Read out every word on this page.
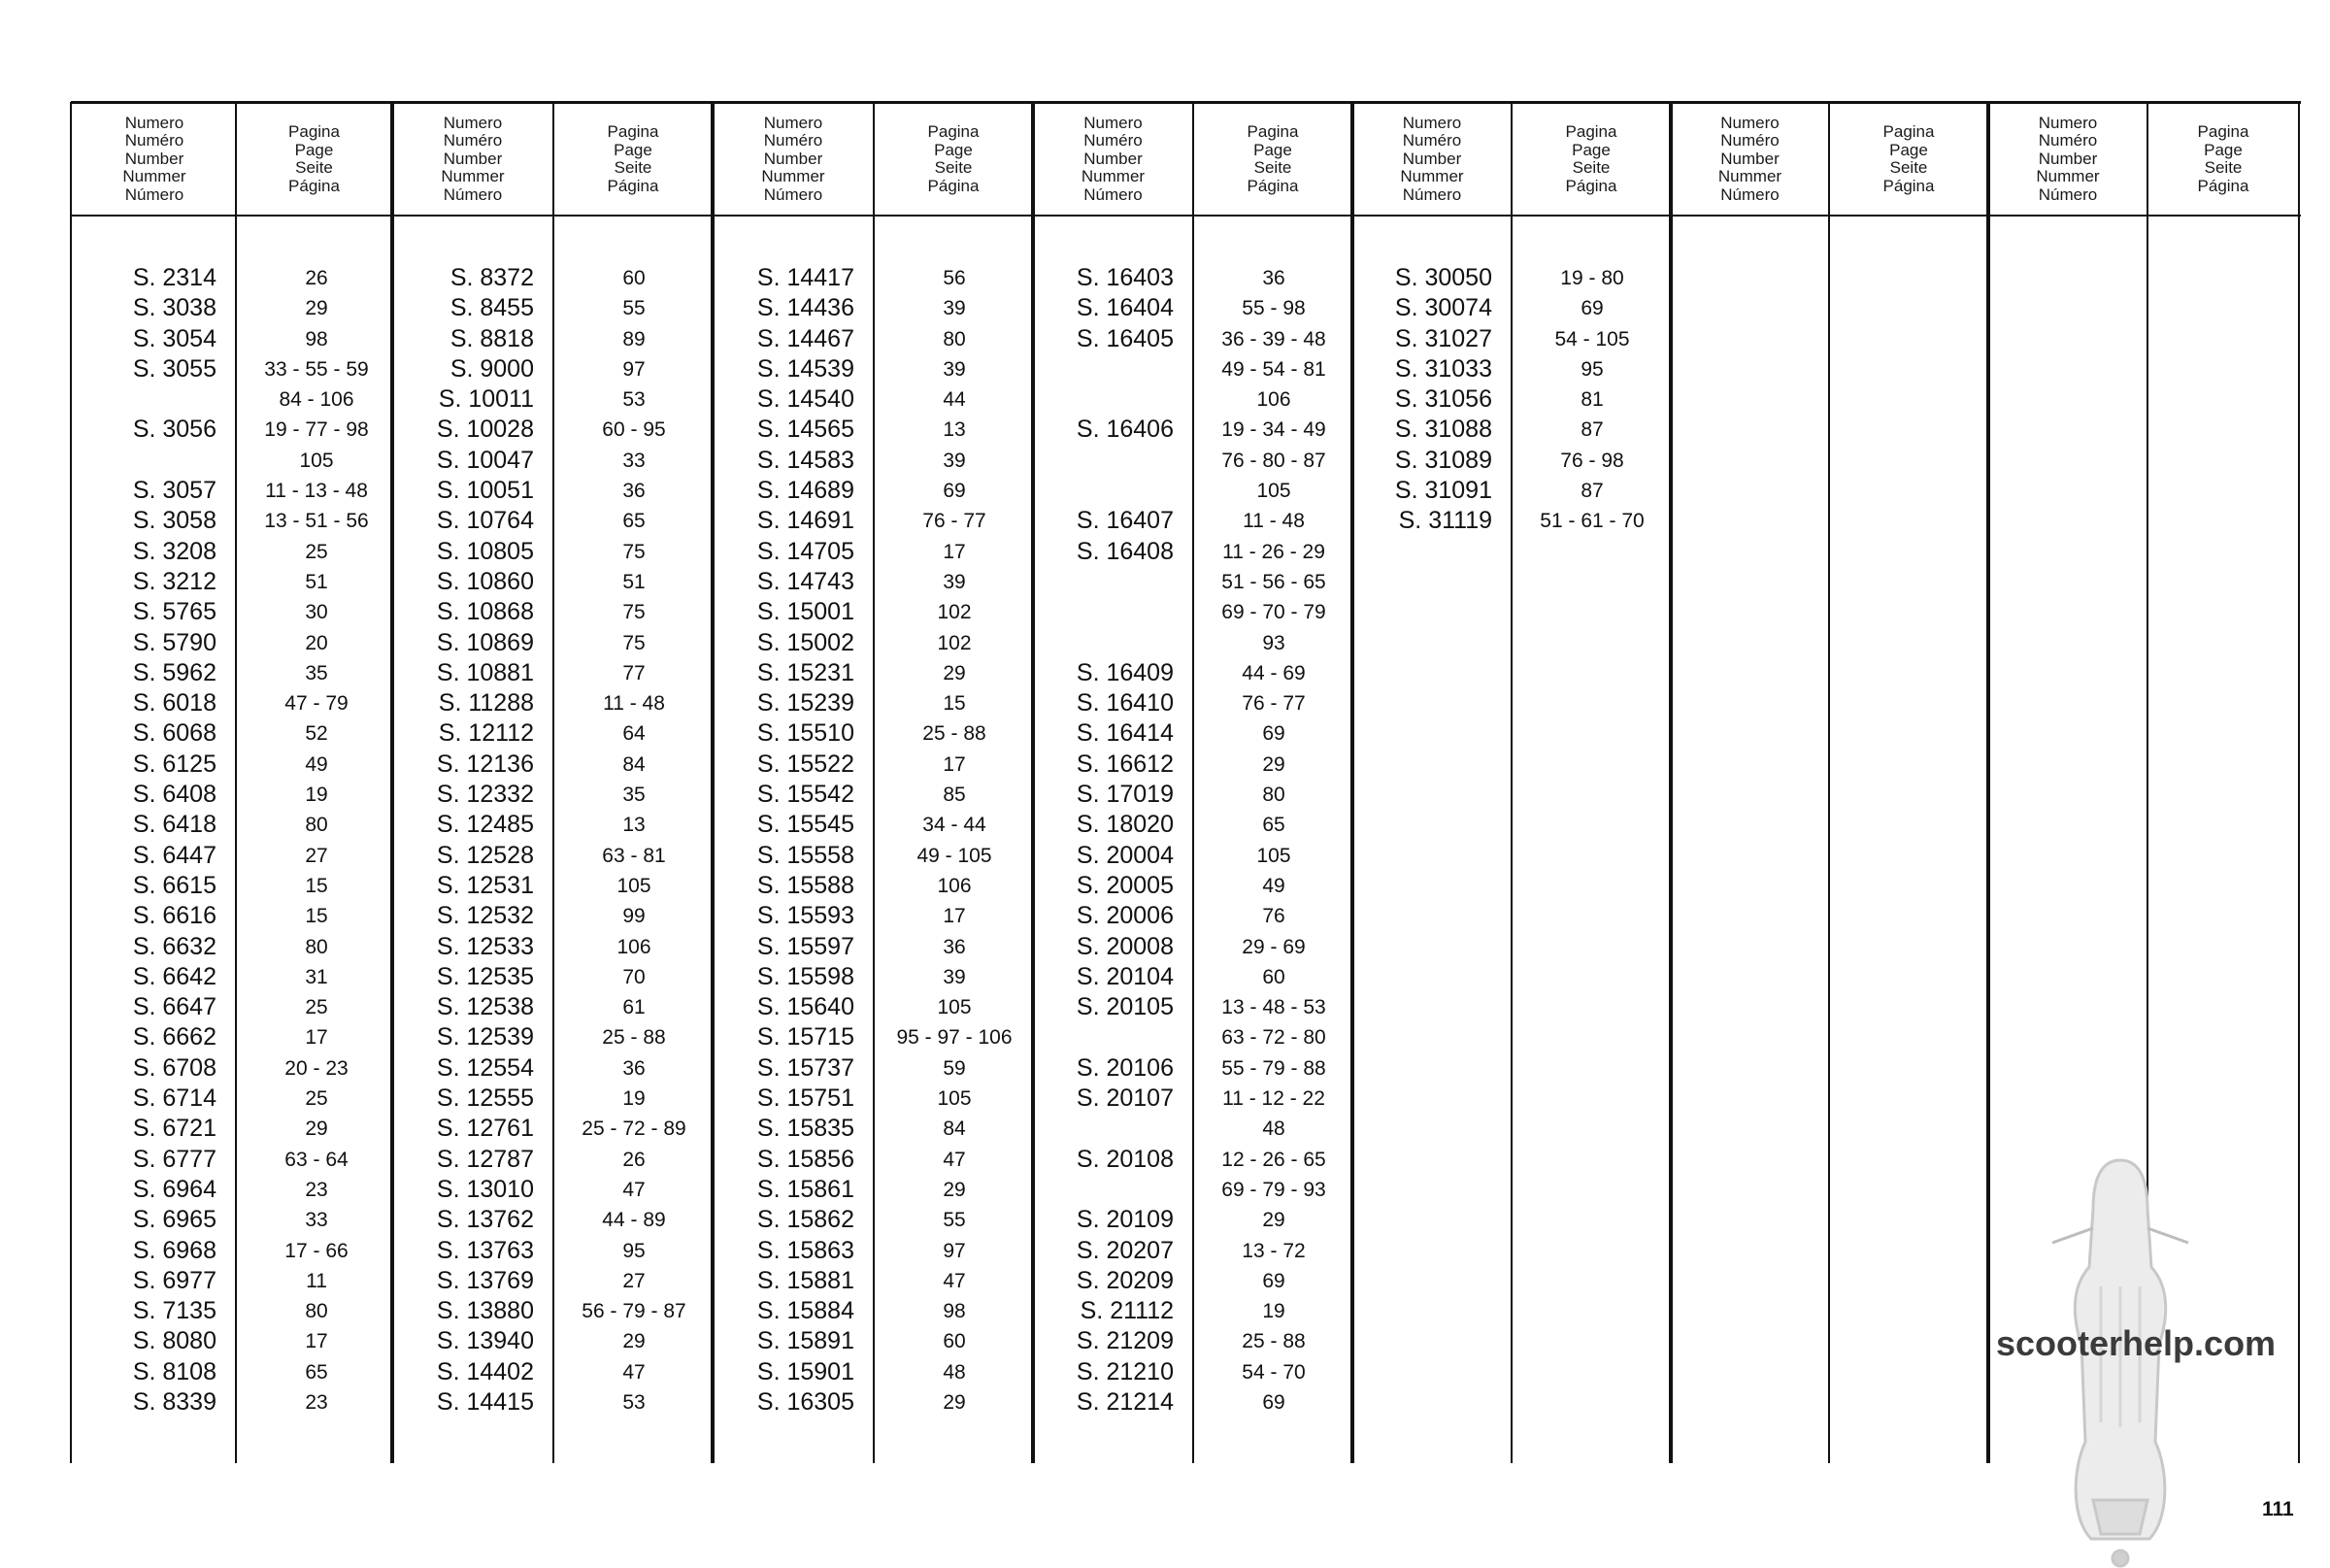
Numero
Numéro
Number
Nummer
Número
Pagina
Page
Seite
Página
S. 2314
S. 3038
S. 3054
S. 3055
S. 3056
S. 3057
S. 3058
S. 3208
S. 3212
S. 5765
S. 5790
S. 5962
S. 6018
S. 6068
S. 6125
S. 6408
S. 6418
S. 6447
S. 6615
S. 6616
S. 6632
S. 6642
S. 6647
S. 6662
S. 6708
S. 6714
S. 6721
S. 6777
S. 6964
S. 6965
S. 6968
S. 6977
S. 7135
S. 8080
S. 8108
S. 8339
26
29
98
33 - 55 - 59
84 - 106
19 - 77 - 98
105
11 - 13 - 48
13 - 51 - 56
25
51
30
20
35
47 - 79
52
49
19
80
27
15
15
80
31
25
17
20 - 23
25
29
63 - 64
23
33
17 - 66
11
80
17
65
23
Numero
Numéro
Number
Nummer
Número
Pagina
Page
Seite
Página
S. 8372
S. 8455
S. 8818
S. 9000
S. 10011
S. 10028
S. 10047
S. 10051
S. 10764
S. 10805
S. 10860
S. 10868
S. 10869
S. 10881
S. 11288
S. 12112
S. 12136
S. 12332
S. 12485
S. 12528
S. 12531
S. 12532
S. 12533
S. 12535
S. 12538
S. 12539
S. 12554
S. 12555
S. 12761
S. 12787
S. 13010
S. 13762
S. 13763
S. 13769
S. 13880
S. 13940
S. 14402
S. 14415
60
55
89
97
53
60 - 95
33
36
65
75
51
75
75
77
11 - 48
64
84
35
13
63 - 81
105
99
106
70
61
25 - 88
36
19
25 - 72 - 89
26
47
44 - 89
95
27
56 - 79 - 87
29
47
53
Numero
Numéro
Number
Nummer
Número
Pagina
Page
Seite
Página
S. 14417
S. 14436
S. 14467
S. 14539
S. 14540
S. 14565
S. 14583
S. 14689
S. 14691
S. 14705
S. 14743
S. 15001
S. 15002
S. 15231
S. 15239
S. 15510
S. 15522
S. 15542
S. 15545
S. 15558
S. 15588
S. 15593
S. 15597
S. 15598
S. 15640
S. 15715
S. 15737
S. 15751
S. 15835
S. 15856
S. 15861
S. 15862
S. 15863
S. 15881
S. 15884
S. 15891
S. 15901
S. 16305
56
39
80
39
44
13
39
69
76 - 77
17
39
102
102
29
15
25 - 88
17
85
34 - 44
49 - 105
106
17
36
39
105
95 - 97 - 106
59
105
84
47
29
55
97
47
98
60
48
29
Numero
Numéro
Number
Nummer
Número
Pagina
Page
Seite
Página
S. 16403
S. 16404
S. 16405
S. 16406
S. 16407
S. 16408
S. 16409
S. 16410
S. 16414
S. 16612
S. 17019
S. 18020
S. 20004
S. 20005
S. 20006
S. 20008
S. 20104
S. 20105
S. 20106
S. 20107
S. 20108
S. 20109
S. 20207
S. 20209
S. 21112
S. 21209
S. 21210
S. 21214
36
55 - 98
36 - 39 - 48
49 - 54 - 81
106
19 - 34 - 49
76 - 80 - 87
105
11 - 48
11 - 26 - 29
51 - 56 - 65
69 - 70 - 79
93
44 - 69
76 - 77
69
29
80
65
105
49
76
29 - 69
60
13 - 48 - 53
63 - 72 - 80
55 - 79 - 88
11 - 12 - 22
48
12 - 26 - 65
69 - 79 - 93
29
13 - 72
69
19
25 - 88
54 - 70
69
Numero
Numéro
Number
Nummer
Número
Pagina
Page
Seite
Página
S. 30050
S. 30074
S. 31027
S. 31033
S. 31056
S. 31088
S. 31089
S. 31091
S. 31119
19 - 80
69
54 - 105
95
81
87
76 - 98
87
51 - 61 - 70
Numero
Numéro
Number
Nummer
Número
Pagina
Page
Seite
Página
Numero
Numéro
Number
Nummer
Número
Pagina
Page
Seite
Página
scooterhelp.com
111
